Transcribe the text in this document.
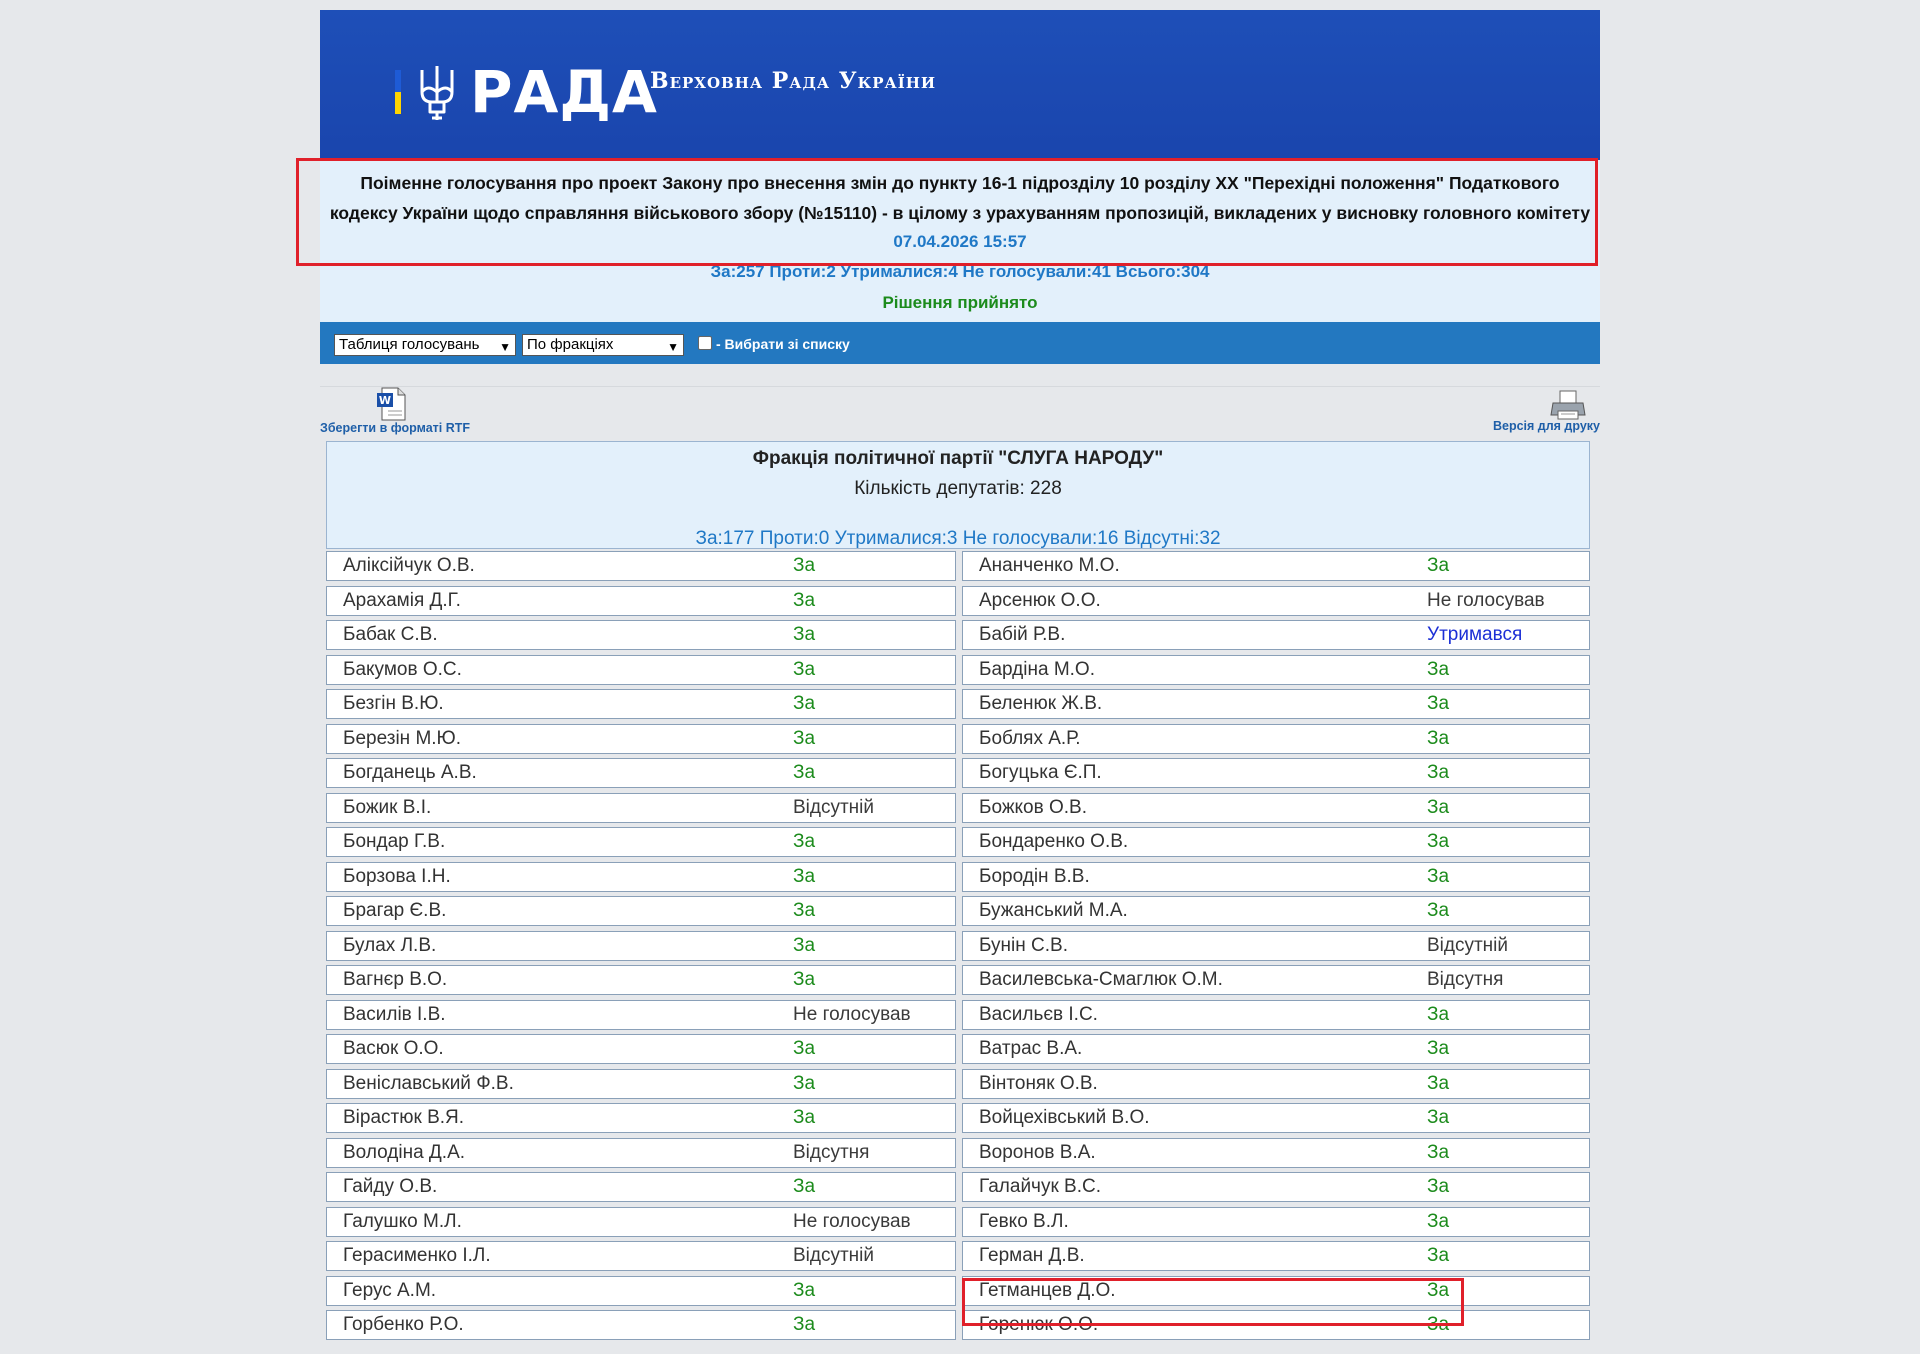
РАДА
Верховна Рада України
Поіменне голосування про проект Закону про внесення змін до пункту 16-1 підрозділу 10 розділу ХХ "Перехідні положення" Податкового кодексу України щодо справляння військового збору (№15110) - в цілому з урахуванням пропозицій, викладених у висновку головного комітету
07.04.2026 15:57
За:257 Проти:2 Утрималися:4 Не голосували:41 Всього:304
Рішення прийнято
Таблиця голосувань ▼	По фракціях	▼	- Вибрати зі списку
W
Зберегти в форматі RTF	Версія для друку
Фракція політичної партії "СЛУГА НАРОДУ"
Кількість депутатів: 228
За:177 Проти:0 Утрималися:3 Не голосували:16 Відсутні:32
Аліксійчук О.В.	За	Ананченко М.О.	За
Арахамія Д.Г.	За	Арсенюк О.О.	Не голосував
Бабак С.В.	За	Бабій Р.В.	Утримався
Бакумов О.С.	За	Бардіна М.О.	За
Безгін В.Ю.	За	Беленюк Ж.В.	За
Березін М.Ю.	За	Боблях А.Р.	За
Богданець А.В.	За	Богуцька Є.П.	За
Божик В.І.	Відсутній	Божков О.В.	За
Бондар Г.В.	За	Бондаренко О.В.	За
Борзова І.Н.	За	Бородін В.В.	За
Брагар Є.В.	За	Бужанський М.А.	За
Булах Л.В.	За	Бунін С.В.	Відсутній
Вагнєр В.О.	За	Василевська-Смаглюк О.М.	Відсутня
Василів І.В.	Не голосував	Васильєв І.С.	За
Васюк О.О.	За	Ватрас В.А.	За
Веніславський Ф.В.	За	Вінтоняк О.В.	За
Вірастюк В.Я.	За	Войцехівський В.О.	За
Володіна Д.А.	Відсутня	Воронов В.А.	За
Гайду О.В.	За	Галайчук В.С.	За
Галушко М.Л.	Не голосував	Гевко В.Л.	За
Герасименко І.Л.	Відсутній	Герман Д.В.	За
Герус А.М.	За	Гетманцев Д.О.	За
Горбенко Р.О.	За	Горенюк О.О.	За
